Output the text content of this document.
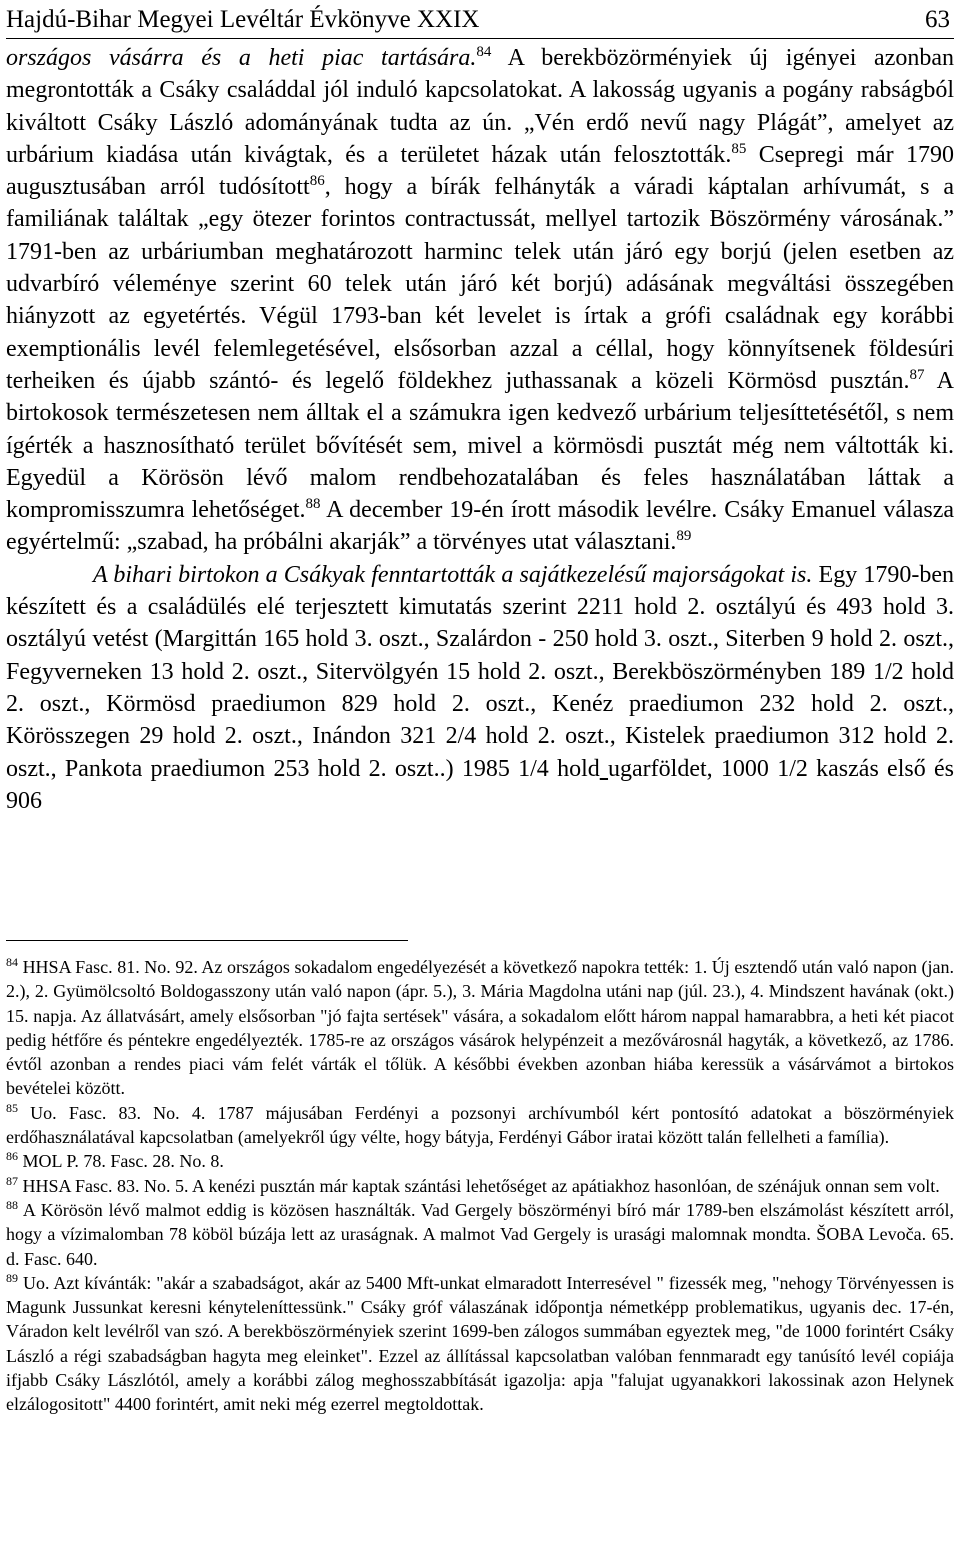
Hajdú-Bihar Megyei Levéltár Évkönyve XXIX	63

országos vásárra és a heti piac tartására.$^{84}$ A berekbözörményiek új igényei azonban megrontották a Csáky családdal jól induló kapcsolatokat. A lakosság ugyanis a pogány rabságból kiváltott Csáky László adományának tudta az ún. „Vén erdő nevű nagy Plágát”, amelyet az urbárium kiadása után kivágtak, és a területet házak után felosztották.$^{85}$ Csepregi már 1790 augusztusában arról tudósított$^{86}$, hogy a bírák felhányták a váradi káptalan arhívumát, s a familiának találtak „egy ötezer forintos contractussát, mellyel tartozik Böszörmény városának.” 1791-ben az urbáriumban meghatározott harminc telek után járó egy borjú (jelen esetben az udvarbíró véleménye szerint 60 telek után járó két borjú) adásának megváltási összegében hiányzott az egyetértés. Végül 1793-ban két levelet is írtak a grófi családnak egy korábbi exemptionális levél felemlegetésével, elsősorban azzal a céllal, hogy könnyítsenek földesúri terheiken és újabb szántó- és legelő földekhez juthassanak a közeli Körmösd pusztán.$^{87}$ A birtokosok természetesen nem álltak el a számukra igen kedvező urbárium teljesíttetésétől, s nem ígérték a hasznosítható terület bővítését sem, mivel a körmösdi pusztát még nem váltották ki. Egyedül a Körösön lévő malom rendbehozatalában és feles használatában láttak a kompromisszumra lehetőséget.$^{88}$ A december 19-én írott második levélre. Csáky Emanuel válasza egyértelmű: „szabad, ha próbálni akarják” a törvényes utat választani.$^{89}$

A bihari birtokon a Csákyak fenntartották a sajátkezelésű majorságokat is. Egy 1790-ben készített és a családülés elé terjesztett kimutatás szerint 2211 hold 2. osztályú és 493 hold 3. osztályú vetést (Margittán 165 hold 3. oszt., Szalárdon - 250 hold 3. oszt., Siterben 9 hold 2. oszt., Fegyverneken 13 hold 2. oszt., Sitervölgyén 15 hold 2. oszt., Berekböszörményben 189 1/2 hold 2. oszt., Körmösd praediumon 829 hold 2. oszt., Kenéz praediumon 232 hold 2. oszt., Körösszegen 29 hold 2. oszt., Inándon 321 2/4 hold 2. oszt., Kistelek praediumon 312 hold 2. oszt., Pankota praediumon 253 hold 2. oszt..) 1985 1/4 hold ugarföldet, 1000 1/2 kaszás első és 906

$^{84}$ HHSA Fasc. 81. No. 92. Az országos sokadalom engedélyezését a következő napokra tették: 1. Új esztendő után való napon (jan. 2.), 2. Gyümölcsoltó Boldogasszony után való napon (ápr. 5.), 3. Mária Magdolna utáni nap (júl. 23.), 4. Mindszent havának (okt.) 15. napja. Az állatvásárt, amely elsősorban "jó fajta sertések" vására, a sokadalom előtt három nappal hamarabbra, a heti két piacot pedig hétfőre és péntekre engedélyezték. 1785-re az országos vásárok helypénzeit a mezővárosnál hagyták, a következő, az 1786. évtől azonban a rendes piaci vám felét várták el tőlük. A későbbi években azonban hiába keressük a vásárvámot a birtokos bevételei között.

$^{85}$ Uo. Fasc. 83. No. 4. 1787 májusában Ferdényi a pozsonyi archívumból kért pontosító adatokat a böszörményiek erdőhasználatával kapcsolatban (amelyekről úgy vélte, hogy bátyja, Ferdényi Gábor iratai között talán fellelheti a família).

$^{86}$ MOL P. 78. Fasc. 28. No. 8.

$^{87}$ HHSA Fasc. 83. No. 5. A kenézi pusztán már kaptak szántási lehetőséget az apátiakhoz hasonlóan, de szénájuk onnan sem volt.

$^{88}$ A Körösön lévő malmot eddig is közösen használták. Vad Gergely böszörményi bíró már 1789-ben elszámolást készített arról, hogy a vízimalomban 78 köböl búzája lett az uraságnak. A malmot Vad Gergely is urasági malomnak mondta. ŠOBA Levoča. 65. d. Fasc. 640.

$^{89}$ Uo. Azt kívánták: "akár a szabadságot, akár az 5400 Mft-unkat elmaradott Interresével " fizessék meg, "nehogy Törvényessen is Magunk Jussunkat keresni kényteleníttessünk." Csáky gróf válaszának időpontja németképp problematikus, ugyanis dec. 17-én, Váradon kelt levélről van szó. A berekböszörményiek szerint 1699-ben zálogos summában egyeztek meg, "de 1000 forintért Csáky László a régi szabadságban hagyta meg eleinket". Ezzel az állítással kapcsolatban valóban fennmaradt egy tanúsító levél copiája ifjabb Csáky Lászlótól, amely a korábbi zálog meghosszabbítását igazolja: apja "falujat ugyanakkori lakossinak azon Helynek elzálogositott" 4400 forintért, amit neki még ezerrel megtoldottak.
